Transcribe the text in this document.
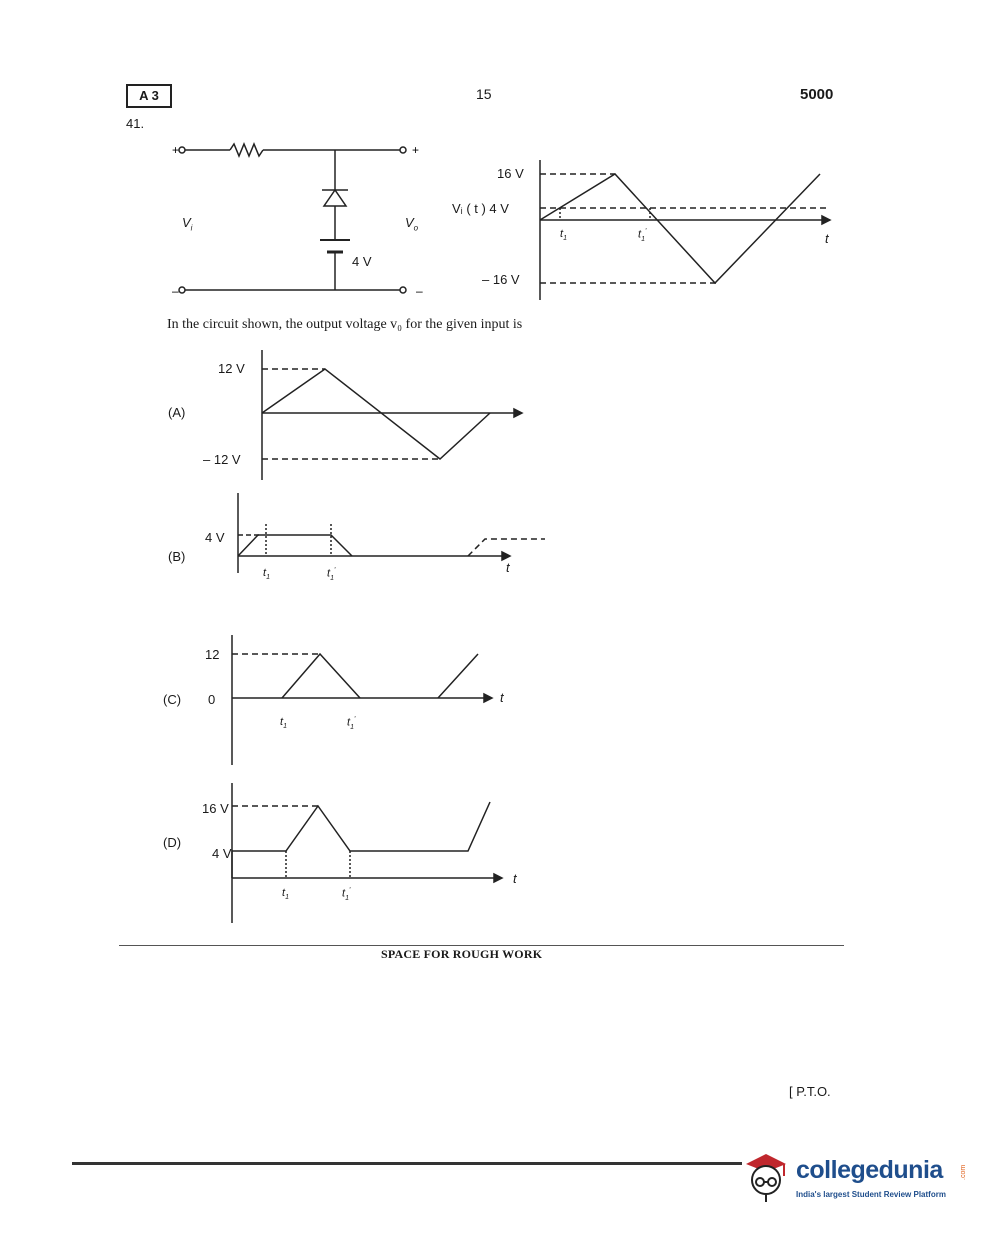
A 3	15	5000
41.
+	+
–	–
$V_i$	$V_o$
4 V
16 V
Vᵢ ( t ) 4 V
– 16 V
$t_1$	$t_1'$	t
In the circuit shown, the output voltage v₀ for the given input is
(A)
12 V
– 12 V
(B)
4 V
$t_1$	$t_1'$	t
(C)
12
0
$t_1$	$t_1'$
t
(D)
16 V
4 V
$t_1$	$t_1'$
t
SPACE FOR ROUGH WORK
[ P.T.O.
collegedunia
India's largest Student Review Platform
.com
